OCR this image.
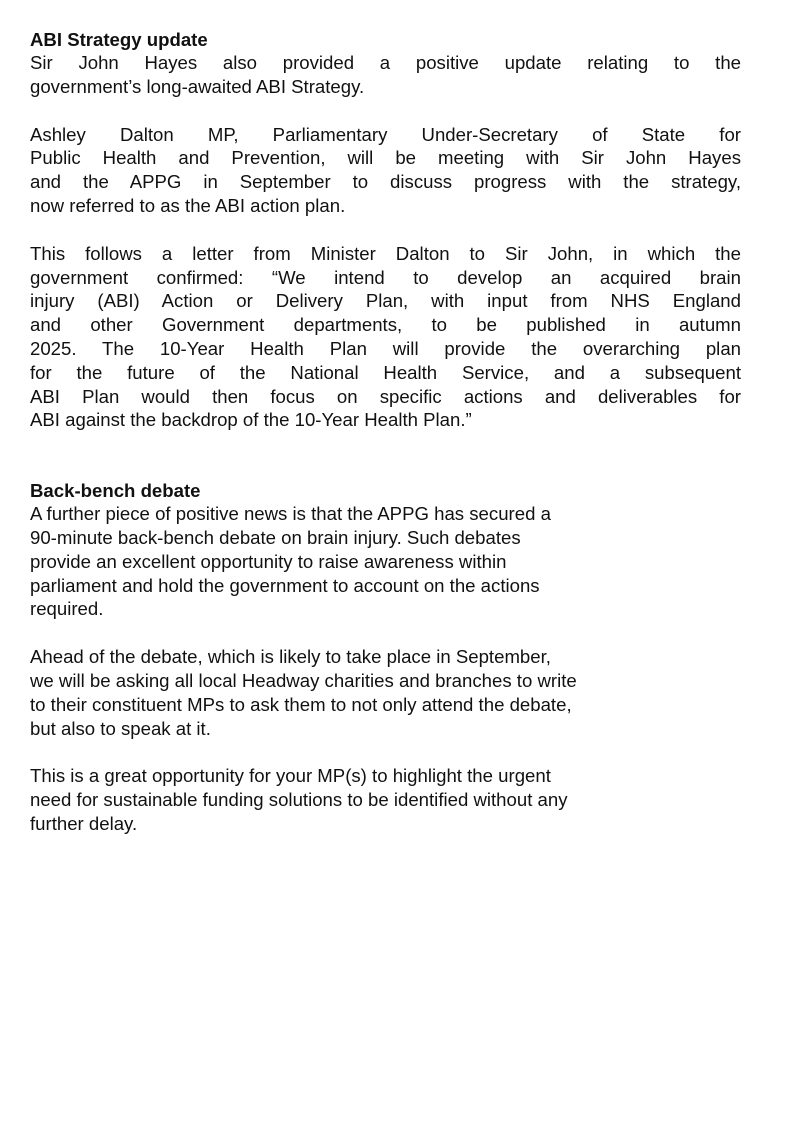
ABI Strategy update

Sir John Hayes also provided a positive update relating to the
government’s long-awaited ABI Strategy.

Ashley Dalton MP, Parliamentary Under-Secretary of State for
Public Health and Prevention, will be meeting with Sir John Hayes
and the APPG in September to discuss progress with the strategy,
now referred to as the ABI action plan.

This follows a letter from Minister Dalton to Sir John, in which the
government confirmed: “We intend to develop an acquired brain
injury (ABI) Action or Delivery Plan, with input from NHS England
and other Government departments, to be published in autumn
2025. The 10-Year Health Plan will provide the overarching plan
for the future of the National Health Service, and a subsequent
ABI Plan would then focus on specific actions and deliverables for
ABI against the backdrop of the 10-Year Health Plan.”

Back-bench debate

A further piece of positive news is that the APPG has secured a
90-minute back-bench debate on brain injury. Such debates
provide an excellent opportunity to raise awareness within
parliament and hold the government to account on the actions
required.

Ahead of the debate, which is likely to take place in September,
we will be asking all local Headway charities and branches to write
to their constituent MPs to ask them to not only attend the debate,
but also to speak at it.

This is a great opportunity for your MP(s) to highlight the urgent
need for sustainable funding solutions to be identified without any
further delay.
